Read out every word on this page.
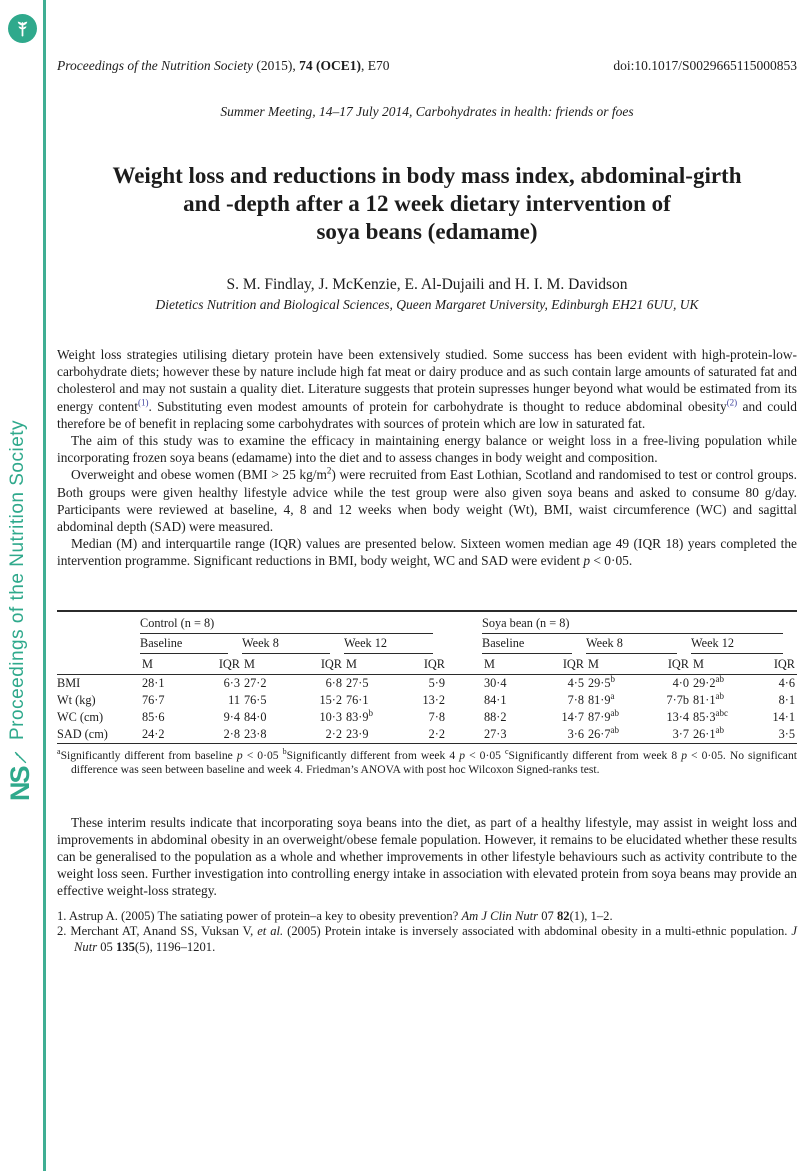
Proceedings of the Nutrition Society
NS
Proceedings of the Nutrition Society (2015), 74 (OCE1), E70	doi:10.1017/S0029665115000853
Summer Meeting, 14–17 July 2014, Carbohydrates in health: friends or foes
Weight loss and reductions in body mass index, abdominal-girth
and -depth after a 12 week dietary intervention of
soya beans (edamame)
S. M. Findlay, J. McKenzie, E. Al-Dujaili and H. I. M. Davidson
Dietetics Nutrition and Biological Sciences, Queen Margaret University, Edinburgh EH21 6UU, UK
Weight loss strategies utilising dietary protein have been extensively studied. Some success has been evident with high-protein-low-carbohydrate diets; however these by nature include high fat meat or dairy produce and as such contain large amounts of saturated fat and cholesterol and may not sustain a quality diet. Literature suggests that protein supresses hunger beyond what would be estimated from its energy content$^{(1)}$. Substituting even modest amounts of protein for carbohydrate is thought to reduce abdominal obesity$^{(2)}$ and could therefore be of benefit in replacing some carbohydrates with sources of protein which are low in saturated fat.
The aim of this study was to examine the efficacy in maintaining energy balance or weight loss in a free-living population while incorporating frozen soya beans (edamame) into the diet and to assess changes in body weight and composition.
Overweight and obese women (BMI > 25 $kg/m^2$) were recruited from East Lothian, Scotland and randomised to test or control groups. Both groups were given healthy lifestyle advice while the test group were also given soya beans and asked to consume 80 g/day. Participants were reviewed at baseline, 4, 8 and 12 weeks when body weight (Wt), BMI, waist circumference (WC) and sagittal abdominal depth (SAD) were measured.
Median (M) and interquartile range (IQR) values are presented below. Sixteen women median age 49 (IQR 18) years completed the intervention programme. Significant reductions in BMI, body weight, WC and SAD were evident p < 0·05.

	Control (n = 8)							Soya bean (n = 8)					

	Baseline		Week 8		Week 12			Baseline		Week 8		Week 12	

	M	IQR	M	IQR	M	IQR		M	IQR	M	IQR	M	IQR
BMI	28·1	6·3	27·2	6·8	27·5	5·9		30·4	4·5	$29\cdot 5^b$	4·0	$29\cdot 2^{ab}$	4·6
Wt (kg)	76·7	11	76·5	15·2	76·1	13·2		84·1	7·8	$81\cdot 9^a$	7·7b	$81\cdot 1^{ab}$	8·1
WC (cm)	85·6	9·4	84·0	10·3	$83\cdot 9^b$	7·8		88·2	14·7	$87\cdot 9^{ab}$	13·4	$85\cdot 3^{abc}$	14·1
SAD (cm)	24·2	2·8	23·8	2·2	23·9	2·2		27·3	3·6	$26\cdot 7^{ab}$	3·7	$26\cdot 1^{ab}$	3·5
$^a$Significantly different from baseline p < 0·05 $^b$Significantly different from week 4 p < 0·05 $^c$Significantly different from week 8 p < 0·05. No significant difference was seen between baseline and week 4. Friedman’s ANOVA with post hoc Wilcoxon Signed-ranks test.
These interim results indicate that incorporating soya beans into the diet, as part of a healthy lifestyle, may assist in weight loss and improvements in abdominal obesity in an overweight/obese female population. However, it remains to be elucidated whether these results can be generalised to the population as a whole and whether improvements in other lifestyle behaviours such as activity contribute to the weight loss seen. Further investigation into controlling energy intake in association with elevated protein from soya beans may provide an effective weight-loss strategy.
1. Astrup A. (2005) The satiating power of protein–a key to obesity prevention? Am J Clin Nutr 07 82(1), 1–2.
2. Merchant AT, Anand SS, Vuksan V, et al. (2005) Protein intake is inversely associated with abdominal obesity in a multi-ethnic population. J Nutr 05 135(5), 1196–1201.
